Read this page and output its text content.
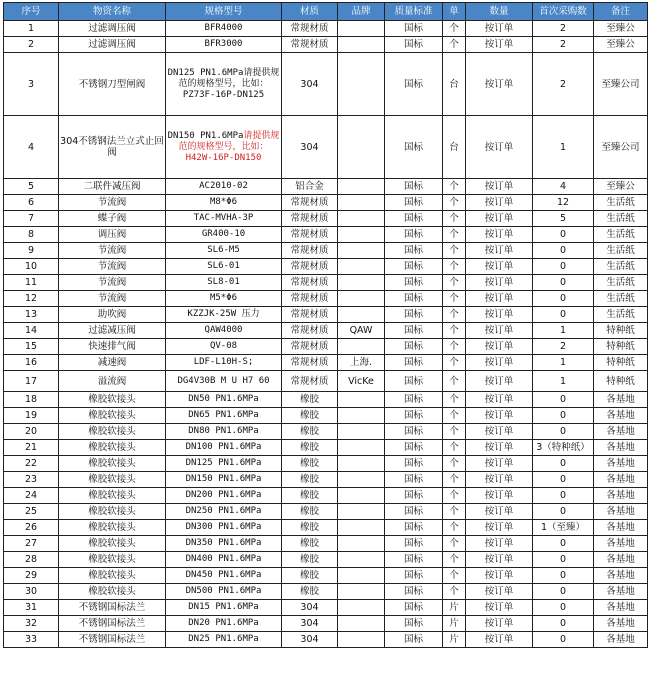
序号	物资名称	规格型号	材质	品牌	质量标准	单	数量	首次采购数	备注
1	过滤调压阀	BFR4000	常规材质		国标	个	按订单	2	至臻公
2	过滤调压阀	BFR3000	常规材质		国标	个	按订单	2	至臻公
3	不锈钢刀型闸阀	DN125 PN1.6MPa请提供规范的规格型号，比如：PZ73F-16P-DN125	304		国标	台	按订单	2	至臻公司
4	304不锈钢法兰立式止回阀	DN150 PN1.6MPa请提供规范的规格型号，比如：H42W-16P-DN150	304		国标	台	按订单	1	至臻公司
5	二联件减压阀	AC2010-02	铝合金		国标	个	按订单	4	至臻公
6	节流阀	M8*Φ6	常规材质		国标	个	按订单	12	生活纸
7	蝶子阀	TAC-MVHA-3P	常规材质		国标	个	按订单	5	生活纸
8	调压阀	GR400-10	常规材质		国标	个	按订单	0	生活纸
9	节流阀	SL6-M5	常规材质		国标	个	按订单	0	生活纸
10	节流阀	SL6-01	常规材质		国标	个	按订单	0	生活纸
11	节流阀	SL8-01	常规材质		国标	个	按订单	0	生活纸
12	节流阀	M5*Φ6	常规材质		国标	个	按订单	0	生活纸
13	助吹阀	KZZJK-25W 压力	常规材质		国标	个	按订单	0	生活纸
14	过滤减压阀	QAW4000	常规材质	QAW	国标	个	按订单	1	特种纸
15	快速排气阀	QV-08	常规材质		国标	个	按订单	2	特种纸
16	减速阀	LDF-L10H-S;	常规材质	上海.	国标	个	按订单	1	特种纸
17	溢流阀	DG4V30B M U H7 60	常规材质	VicKe	国标	个	按订单	1	特种纸
18	橡胶软接头	DN50 PN1.6MPa	橡胶		国标	个	按订单	0	各基地
19	橡胶软接头	DN65 PN1.6MPa	橡胶		国标	个	按订单	0	各基地
20	橡胶软接头	DN80 PN1.6MPa	橡胶		国标	个	按订单	0	各基地
21	橡胶软接头	DN100 PN1.6MPa	橡胶		国标	个	按订单	3（特种纸）	各基地
22	橡胶软接头	DN125 PN1.6MPa	橡胶		国标	个	按订单	0	各基地
23	橡胶软接头	DN150 PN1.6MPa	橡胶		国标	个	按订单	0	各基地
24	橡胶软接头	DN200 PN1.6MPa	橡胶		国标	个	按订单	0	各基地
25	橡胶软接头	DN250 PN1.6MPa	橡胶		国标	个	按订单	0	各基地
26	橡胶软接头	DN300 PN1.6MPa	橡胶		国标	个	按订单	1（至臻）	各基地
27	橡胶软接头	DN350 PN1.6MPa	橡胶		国标	个	按订单	0	各基地
28	橡胶软接头	DN400 PN1.6MPa	橡胶		国标	个	按订单	0	各基地
29	橡胶软接头	DN450 PN1.6MPa	橡胶		国标	个	按订单	0	各基地
30	橡胶软接头	DN500 PN1.6MPa	橡胶		国标	个	按订单	0	各基地
31	不锈钢国标法兰	DN15 PN1.6MPa	304		国标	片	按订单	0	各基地
32	不锈钢国标法兰	DN20 PN1.6MPa	304		国标	片	按订单	0	各基地
33	不锈钢国标法兰	DN25 PN1.6MPa	304		国标	片	按订单	0	各基地
